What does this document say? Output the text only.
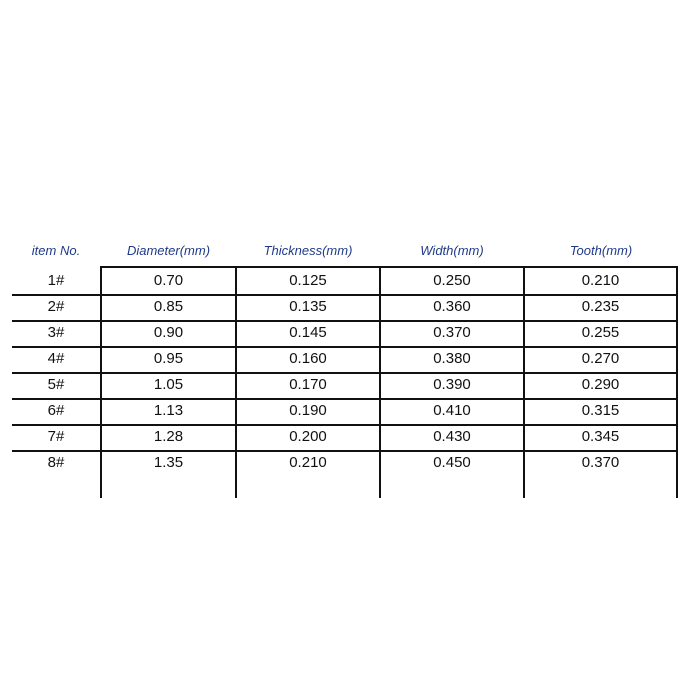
item No.	Diameter(mm)	Thickness(mm)	Width(mm)	Tooth(mm)
1#	0.70	0.125	0.250	0.210
2#	0.85	0.135	0.360	0.235
3#	0.90	0.145	0.370	0.255
4#	0.95	0.160	0.380	0.270
5#	1.05	0.170	0.390	0.290
6#	1.13	0.190	0.410	0.315
7#	1.28	0.200	0.430	0.345
8#	1.35	0.210	0.450	0.370
